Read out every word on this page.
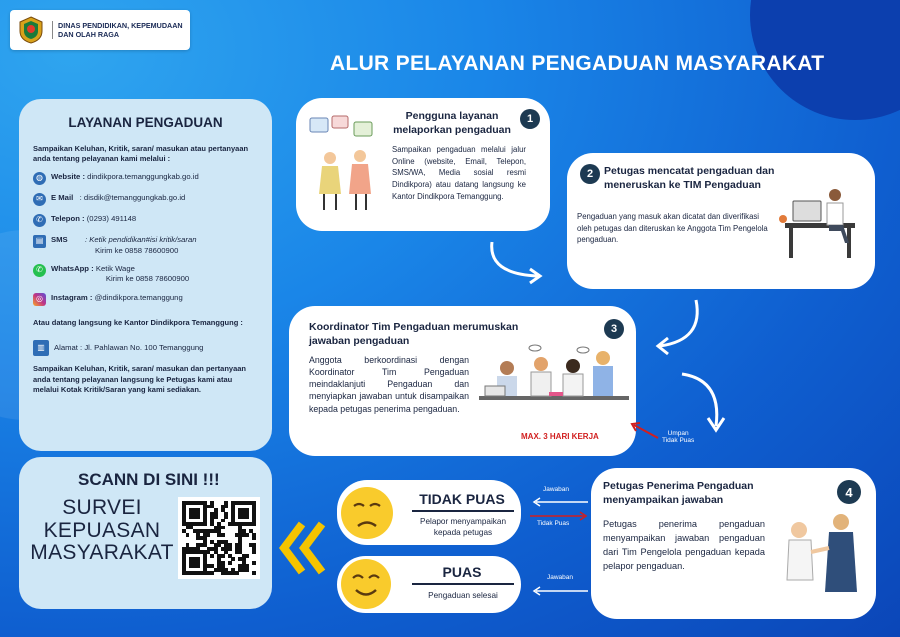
DINAS PENDIDIKAN, KEPEMUDAAN
DAN OLAH RAGA
ALUR PELAYANAN PENGADUAN MASYARAKAT
LAYANAN PENGADUAN
Sampaikan Keluhan, Kritik, saran/ masukan atau pertanyaan anda tentang pelayanan kami melalui :
◍	Website :
dindikpora.temanggungkab.go.id
✉	E Mail
: disdik@temanggungkab.go.id
✆	Telepon :
(0293) 491148
▤	SMS	: Ketik pendidikan#isi kritik/saran
Kirim ke 0858 78600900
✆	WhatsApp :
Ketik Wage
Kirim ke 0858 78600900
◎	Instagram :
@dindikpora.temanggung
Atau datang langsung ke Kantor Dindikpora Temanggung :
▥	Alamat : Jl. Pahlawan No. 100 Temanggung
Sampaikan Keluhan, Kritik, saran/ masukan dan pertanyaan anda tentang pelayanan langsung ke Petugas kami atau melalui Kotak Kritik/Saran yang kami sediakan.
SCANN DI SINI !!!
SURVEI
KEPUASAN
MASYARAKAT
Pengguna layanan melaporkan pengaduan
1
Sampaikan pengaduan melalui jalur Online (website, Email, Telepon, SMS/WA, Media sosial resmi Dindikpora) atau datang langsung ke Kantor Dindikpora Temanggung.
2	Petugas mencatat pengaduan dan meneruskan ke TIM Pengaduan
Pengaduan yang masuk akan dicatat dan diverifikasi oleh petugas dan diteruskan ke Anggota Tim Pengelola pengaduan.
Koordinator Tim Pengaduan merumuskan jawaban pengaduan
3
Anggota berkoordinasi dengan Koordinator Tim Pengaduan meindaklanjuti Pengaduan dan menyiapkan jawaban untuk disampaikan kepada petugas penerima pengaduan.
MAX. 3 HARI KERJA	Umpan
Tidak Puas
Petugas Penerima Pengaduan menyampaikan jawaban
4
Petugas penerima pengaduan menyampaikan jawaban pengaduan dari Tim Pengelola pengaduan kepada pelapor pengaduan.
TIDAK PUAS
Pelapor menyampaikan kepada petugas
PUAS
Pengaduan selesai
Jawaban
Tidak Puas
Jawaban
